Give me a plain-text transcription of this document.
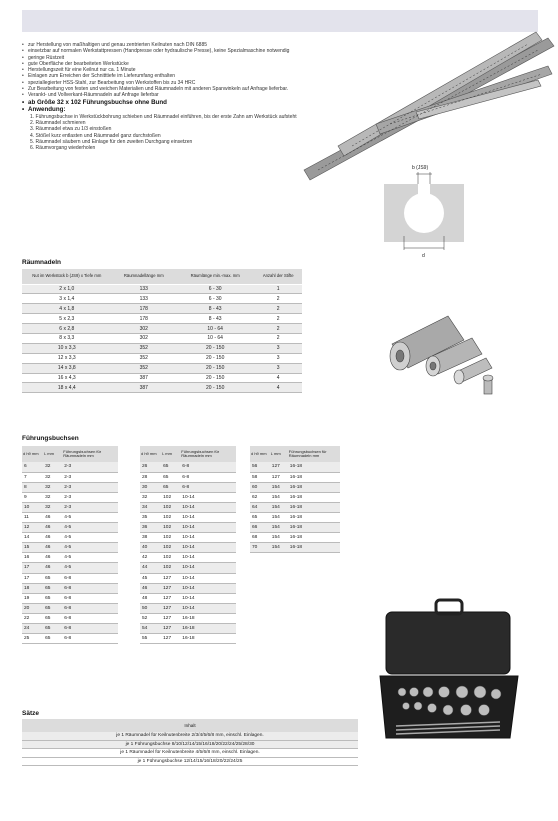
• zur Herstellung von maßhaltigen und genau zentrierten Keilnuten nach DIN 6885
• einsetzbar auf normalen Werkstattpressen (Handpresse oder hydraulische Presse), keine Spezialmaschine notwendig
• geringe Rüstzeit
• gute Oberfläche der bearbeiteten Werkstücke
• Herstellungszeit für eine Keilnut nur ca. 1 Minute
• Einlagen zum Erreichen der Schnitttiefe im Lieferumfang enthalten
• speziallegierter HSS-Stahl, zur Bearbeitung von Werkstoffen bis zu 34 HRC
• Zur Bearbeitung von festen und weichen Materialien und Räumnadeln mit anderen Spanwinkeln auf Anfrage lieferbar.
• Verankt- und Vollverkant-Räumnadeln auf Anfrage lieferbar
• ab Größe 32 x 102 Führungsbuchse ohne Bund
• Anwendung:
1. Führungsbuchse in Werkstückbohrung schieben und Räumnadel einführen, bis der erste Zahn am Werkstück aufsteht
2. Räumnadel schmieren
3. Räumnadel etwa zu 1/3 einstoßen
4. Stößel kurz entlasten und Räumnadel ganz durchstoßen
5. Räumnadel säubern und Einlage für den zweiten Durchgang einsetzen
6. Räumvorgang wiederholen
b (JS9)
d
Räumnadeln
Nut im Werkstück b (JS9) x Tiefe mm	Räumnadellänge mm	Räumlänge min.-max. mm	Anzahl der Stifte
2 x 1,0	133	6 - 30	1
3 x 1,4	133	6 - 30	2
4 x 1,8	178	8 - 43	2
5 x 2,3	178	8 - 43	2
6 x 2,8	302	10 - 64	2
8 x 3,3	302	10 - 64	2
10 x 3,3	352	20 - 150	3
12 x 3,3	352	20 - 150	3
14 x 3,8	352	20 - 150	3
16 x 4,3	387	20 - 150	4
18 x 4,4	387	20 - 150	4
Führungsbuchsen
d h9 mm	L mm	Führungsbuchsen für Räumnadeln mm
6	32	2-3
7	32	2-3
8	32	2-3
9	32	2-3
10	32	2-3
11	46	4-5
12	46	4-5
14	46	4-5
15	46	4-5
16	46	4-5
17	46	4-5
17	65	6-8
18	65	6-8
19	65	6-8
20	65	6-8
22	65	6-8
24	65	6-8
25	65	6-8
d h9 mm	L mm	Führungsbuchsen für Räumnadeln mm
26	65	6-8
28	65	6-8
30	65	6-8
32	102	10-14
34	102	10-14
35	102	10-14
36	102	10-14
38	102	10-14
40	102	10-14
42	102	10-14
44	102	10-14
45	127	10-14
46	127	10-14
48	127	10-14
50	127	10-14
52	127	16-18
54	127	16-18
55	127	16-18
d h9 mm	L mm	Führungsbuchsen für Räumnadeln mm
56	127	16-18
58	127	16-18
60	154	16-18
62	154	16-18
64	154	16-18
65	154	16-18
66	154	16-18
68	154	16-18
70	154	16-18
Sätze
Inhalt
je 1 Räumnadel für Keilnutenbreite 2/3/4/5/6/8 mm, einschl. Einlagen.
je 1 Führungsbuchse 8/10/12/14/15/16/18/20/22/24/25/28/30
je 1 Räumnadel für Keilnutenbreite 4/5/6/8 mm, einschl. Einlagen.
je 1 Führungsbuchse 12/14/15/16/18/20/22/24/25
